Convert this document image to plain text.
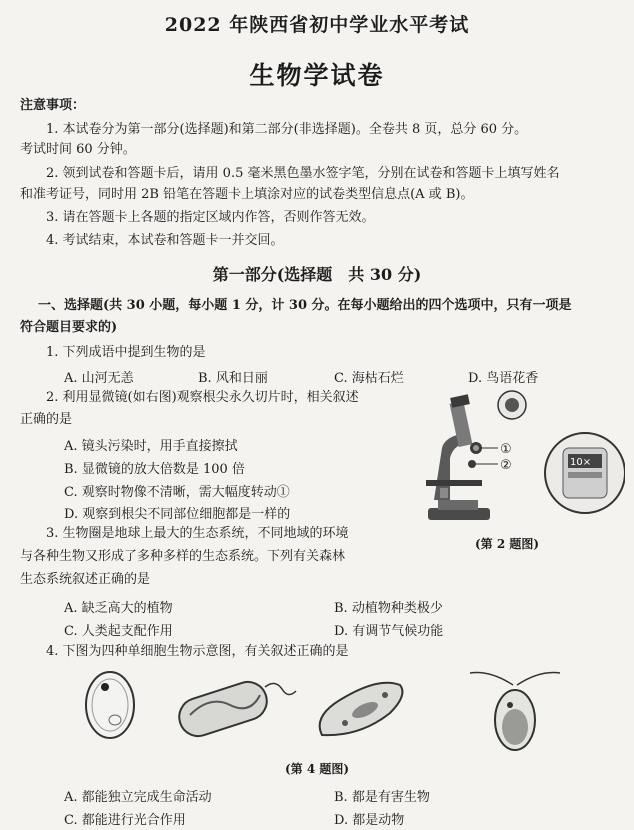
2022 年陕西省初中学业水平考试
生物学试卷
注意事项：
1. 本试卷分为第一部分(选择题)和第二部分(非选择题)。全卷共 8 页，总分 60 分。
考试时间 60 分钟。
2. 领到试卷和答题卡后，请用 0.5 毫米黑色墨水签字笔，分别在试卷和答题卡上填写姓名
和准考证号，同时用 2B 铅笔在答题卡上填涂对应的试卷类型信息点(A 或 B)。
3. 请在答题卡上各题的指定区域内作答，否则作答无效。
4. 考试结束，本试卷和答题卡一并交回。
第一部分(选择题　共 30 分)
一、选择题(共 30 小题，每小题 1 分，计 30 分。在每小题给出的四个选项中，只有一项是
符合题目要求的)
1. 下列成语中提到生物的是
A. 山河无恙	B. 风和日丽	C. 海枯石烂	D. 鸟语花香
2. 利用显微镜(如右图)观察根尖永久切片时，相关叙述
正确的是
A. 镜头污染时，用手直接擦拭
B. 显微镜的放大倍数是 100 倍
C. 观察时物像不清晰，需大幅度转动①
D. 观察到根尖不同部位细胞都是一样的
①
②	10×
(第 2 题图)
3. 生物圈是地球上最大的生态系统，不同地域的环境
与各种生物又形成了多种多样的生态系统。下列有关森林
生态系统叙述正确的是
A. 缺乏高大的植物	B. 动植物种类极少
C. 人类起支配作用	D. 有调节气候功能
4. 下图为四种单细胞生物示意图，有关叙述正确的是
(第 4 题图)
A. 都能独立完成生命活动	B. 都是有害生物
C. 都能进行光合作用	D. 都是动物
